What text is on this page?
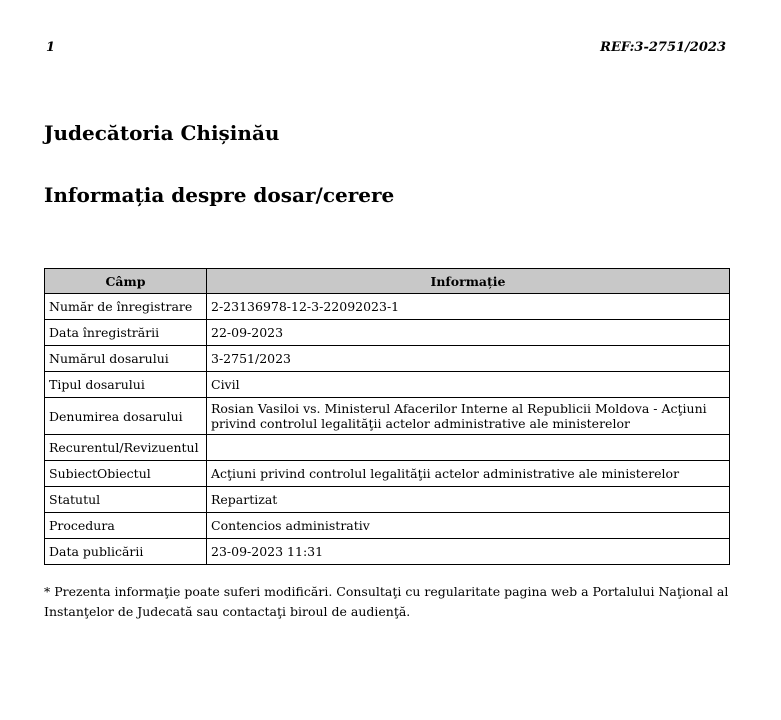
1	REF:3-2751/2023
Judecătoria Chișinău
Informația despre dosar/cerere
Câmp	Informație
Număr de înregistrare	2-23136978-12-3-22092023-1
Data înregistrării	22-09-2023
Numărul dosarului	3-2751/2023
Tipul dosarului	Civil
Denumirea dosarului	Rosian Vasiloi vs. Ministerul Afacerilor Interne al Republicii Moldova - Acţiuni privind controlul legalităţii actelor administrative ale ministerelor
Recurentul/Revizuentul	
SubiectObiectul	Acţiuni privind controlul legalităţii actelor administrative ale ministerelor
Statutul	Repartizat
Procedura	Contencios administrativ
Data publicării	23-09-2023 11:31

* Prezenta informaţie poate suferi modificări. Consultaţi cu regularitate pagina web a Portalului Naţional al Instanţelor de Judecată sau contactaţi biroul de audienţă.
